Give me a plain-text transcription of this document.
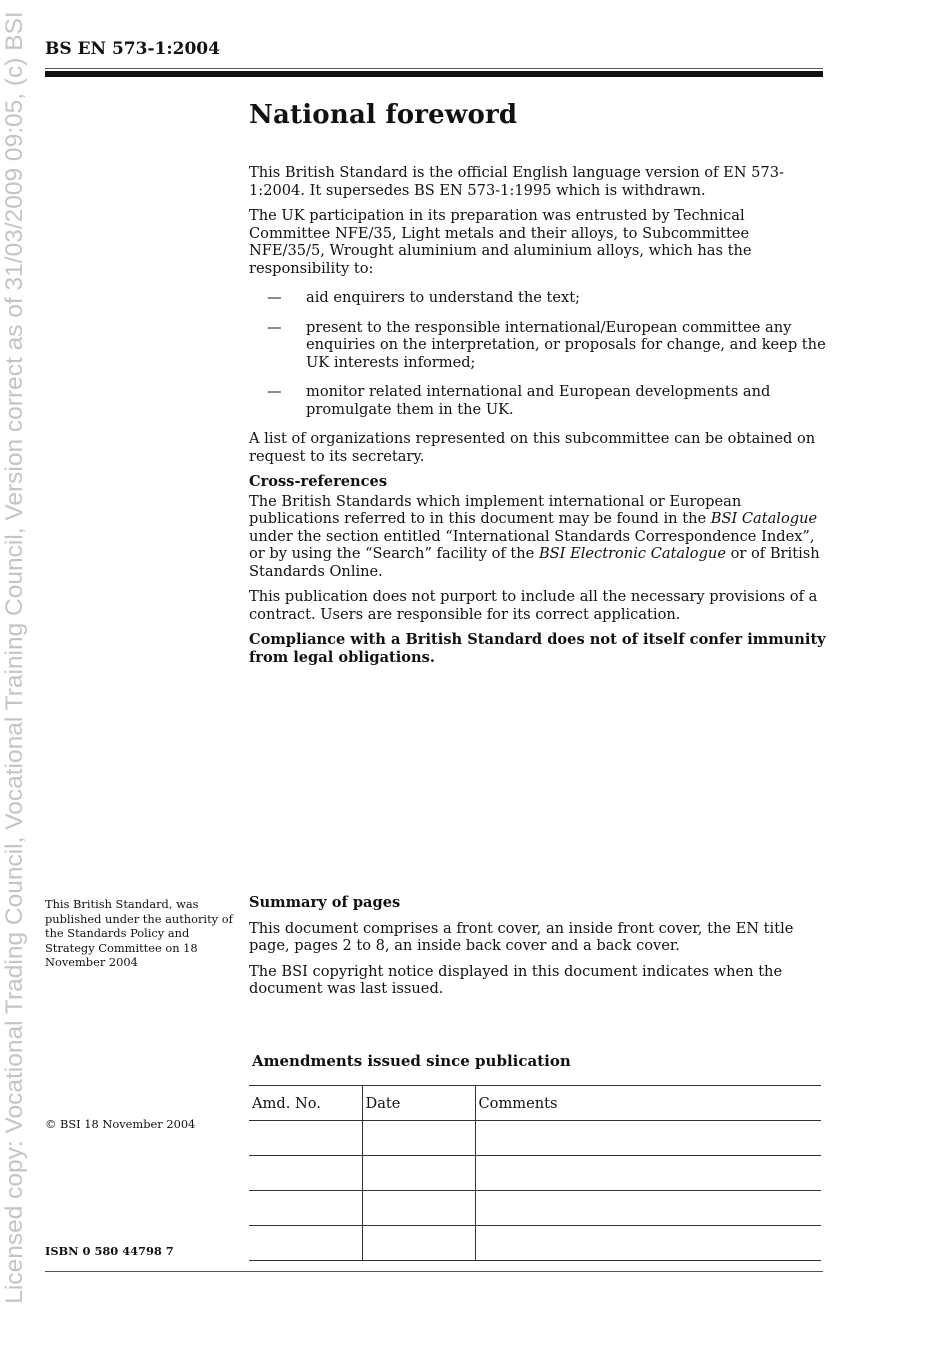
Licensed copy: Vocational Trading Council, Vocational Training Council, Version correct as of 31/03/2009 09:05, (c) BSI	BS EN 573-1:2004
National foreword

This British Standard is the official English language version of EN 573-1:2004. It supersedes BS EN 573-1:1995 which is withdrawn.

The UK participation in its preparation was entrusted by Technical Committee NFE/35, Light metals and their alloys, to Subcommittee NFE/35/5, Wrought aluminium and aluminium alloys, which has the responsibility to:

— aid enquirers to understand the text;
— present to the responsible international/European committee any enquiries on the interpretation, or proposals for change, and keep the UK interests informed;
— monitor related international and European developments and promulgate them in the UK.

A list of organizations represented on this subcommittee can be obtained on request to its secretary.

Cross-references

The British Standards which implement international or European publications referred to in this document may be found in the BSI Catalogue under the section entitled “International Standards Correspondence Index”, or by using the “Search” facility of the BSI Electronic Catalogue or of British Standards Online.

This publication does not purport to include all the necessary provisions of a contract. Users are responsible for its correct application.

Compliance with a British Standard does not of itself confer immunity from legal obligations.

Summary of pages

This document comprises a front cover, an inside front cover, the EN title page, pages 2 to 8, an inside back cover and a back cover.

The BSI copyright notice displayed in this document indicates when the document was last issued.

This British Standard, was published under the authority of the Standards Policy and Strategy Committee on 18 November 2004
© BSI 18 November 2004
ISBN 0 580 44798 7
Amendments issued since publication
Amd. No.	Date	Comments
